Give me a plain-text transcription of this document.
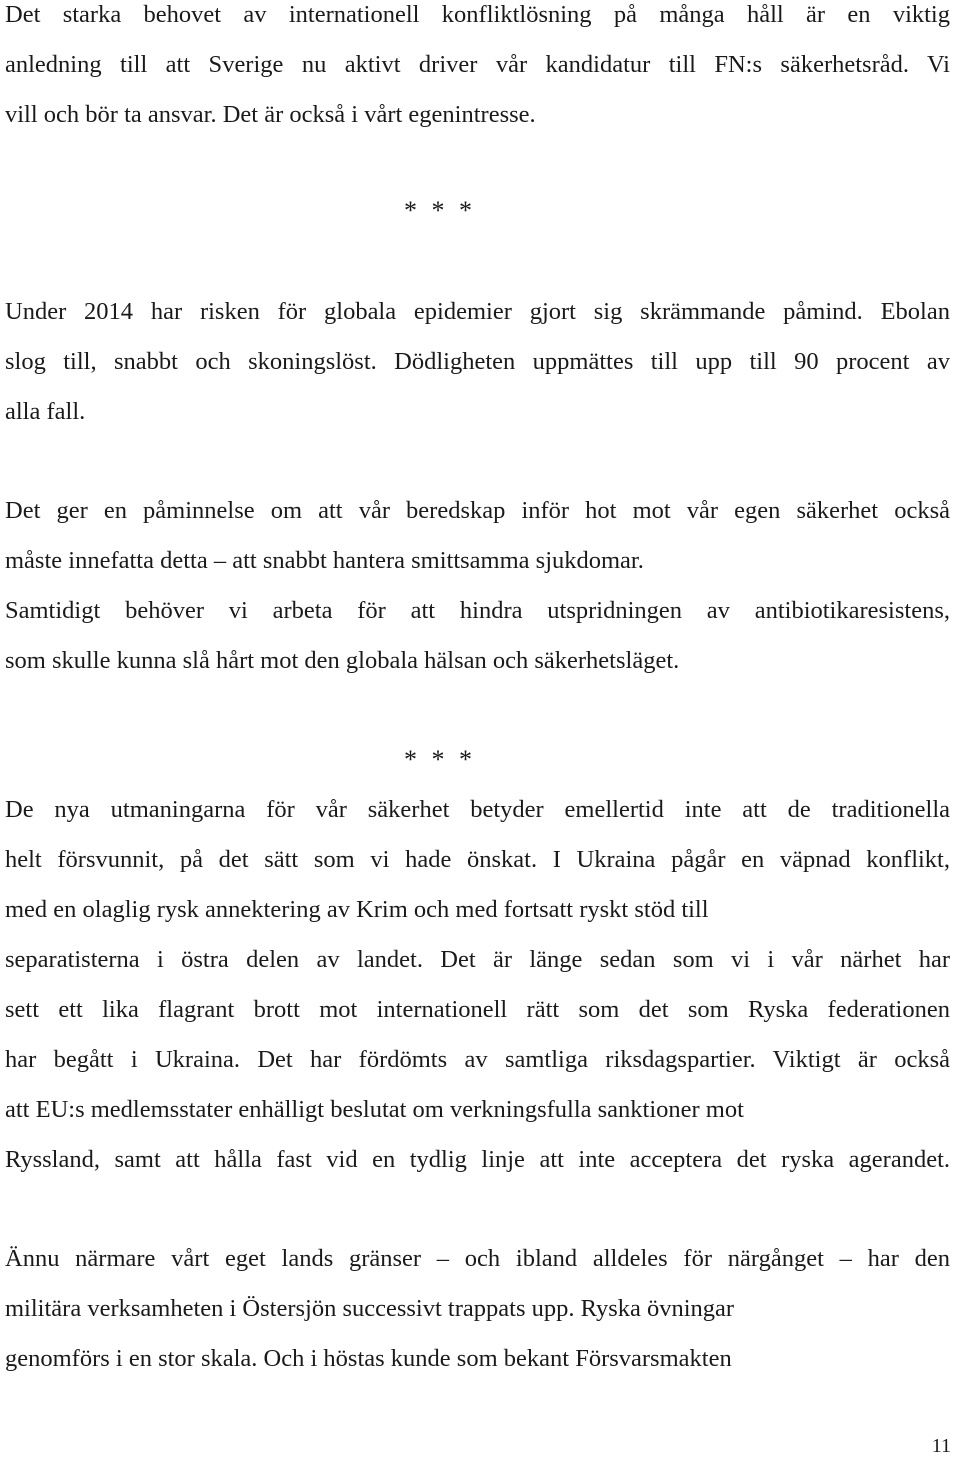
Det starka behovet av internationell konfliktlösning på många håll är en viktig
anledning till att Sverige nu aktivt driver vår kandidatur till FN:s säkerhetsråd. Vi
vill och bör ta ansvar. Det är också i vårt egenintresse.
* * *
Under 2014 har risken för globala epidemier gjort sig skrämmande påmind. Ebolan
slog till, snabbt och skoningslöst. Dödligheten uppmättes till upp till 90 procent av
alla fall.
Det ger en påminnelse om att vår beredskap inför hot mot vår egen säkerhet också
måste innefatta detta – att snabbt hantera smittsamma sjukdomar.
Samtidigt behöver vi arbeta för att hindra utspridningen av antibiotikaresistens,
som skulle kunna slå hårt mot den globala hälsan och säkerhetsläget.
* * *
De nya utmaningarna för vår säkerhet betyder emellertid inte att de traditionella
helt försvunnit, på det sätt som vi hade önskat. I Ukraina pågår en väpnad konflikt,
med en olaglig rysk annektering av Krim och med fortsatt ryskt stöd till
separatisterna i östra delen av landet. Det är länge sedan som vi i vår närhet har
sett ett lika flagrant brott mot internationell rätt som det som Ryska federationen
har begått i Ukraina. Det har fördömts av samtliga riksdagspartier. Viktigt är också
att EU:s medlemsstater enhälligt beslutat om verkningsfulla sanktioner mot
Ryssland, samt att hålla fast vid en tydlig linje att inte acceptera det ryska agerandet.
Ännu närmare vårt eget lands gränser – och ibland alldeles för närgånget – har den
militära verksamheten i Östersjön successivt trappats upp. Ryska övningar
genomförs i en stor skala. Och i höstas kunde som bekant Försvarsmakten
11
